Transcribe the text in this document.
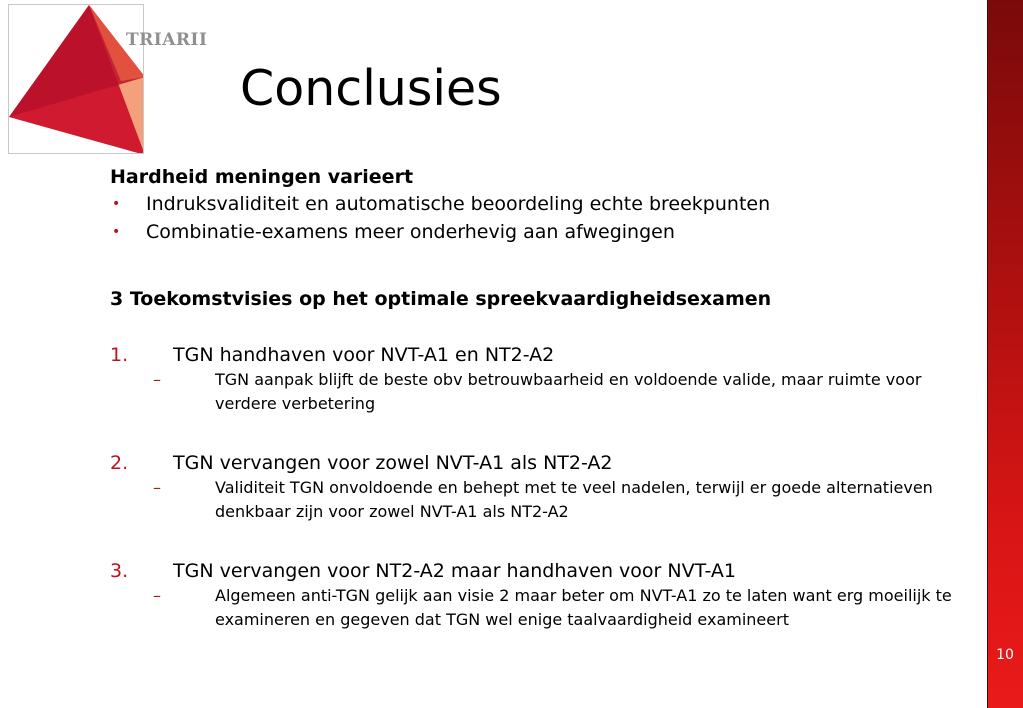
TRIARII
Conclusies
10
Hardheid meningen varieert
• Indruksvaliditeit en automatische beoordeling echte breekpunten
• Combinatie-examens meer onderhevig aan afwegingen
3 Toekomstvisies op het optimale spreekvaardigheidsexamen
1. TGN handhaven voor NVT-A1 en NT2-A2
–	TGN aanpak blijft de beste obv betrouwbaarheid en voldoende valide, maar ruimte voor verdere verbetering
2. TGN vervangen voor zowel NVT-A1 als NT2-A2
–	Validiteit TGN onvoldoende en behept met te veel nadelen, terwijl er goede alternatieven denkbaar zijn voor zowel NVT-A1 als NT2-A2
3. TGN vervangen voor NT2-A2 maar handhaven voor NVT-A1
–	Algemeen anti-TGN gelijk aan visie 2 maar beter om NVT-A1 zo te laten want erg moeilijk te examineren en gegeven dat TGN wel enige taalvaardigheid examineert
